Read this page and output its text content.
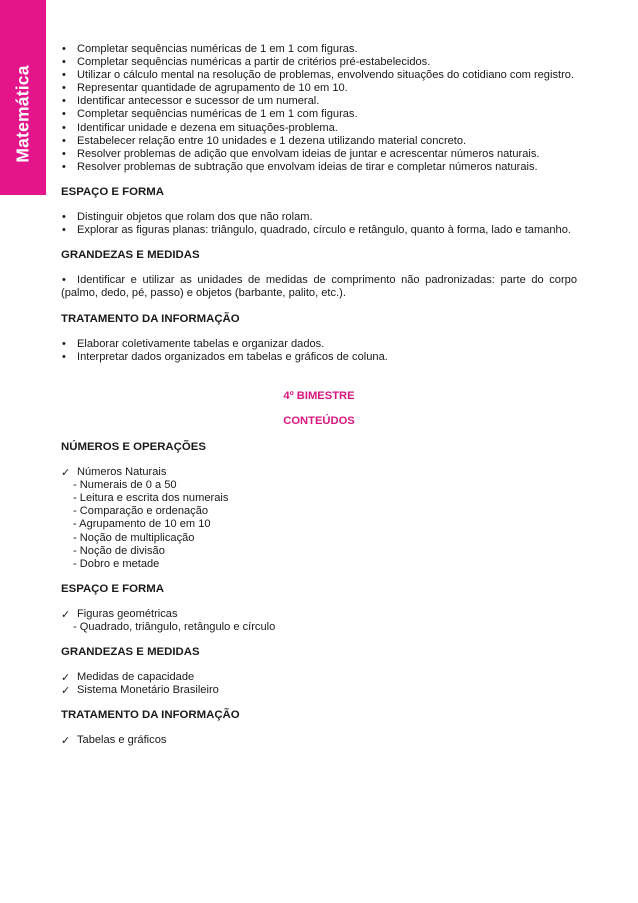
Matemática
• Completar sequências numéricas de 1 em 1 com figuras.
• Completar sequências numéricas a partir de critérios pré-estabelecidos.
• Utilizar o cálculo mental na resolução de problemas, envolvendo situações do cotidiano com registro.
• Representar quantidade de agrupamento de 10 em 10.
• Identificar antecessor e sucessor de um numeral.
• Completar sequências numéricas de 1 em 1 com figuras.
• Identificar unidade e dezena em situações-problema.
• Estabelecer relação entre 10 unidades e 1 dezena utilizando material concreto.
• Resolver problemas de adição que envolvam ideias de juntar e acrescentar números naturais.
• Resolver problemas de subtração que envolvam ideias de tirar e completar números naturais.
ESPAÇO E FORMA
• Distinguir objetos que rolam dos que não rolam.
• Explorar as figuras planas: triângulo, quadrado, círculo e retângulo, quanto à forma, lado e tamanho.
GRANDEZAS E MEDIDAS
• Identificar e utilizar as unidades de medidas de comprimento não padronizadas: parte do corpo (palmo, dedo, pé, passo) e objetos (barbante, palito, etc.).
TRATAMENTO DA INFORMAÇÃO
• Elaborar coletivamente tabelas e organizar dados.
• Interpretar dados organizados em tabelas e gráficos de coluna.
4º BIMESTRE
CONTEÚDOS
NÚMEROS E OPERAÇÕES
✓ Números Naturais
- Numerais de 0 a 50
- Leitura e escrita dos numerais
- Comparação e ordenação
- Agrupamento de 10 em 10
- Noção de multiplicação
- Noção de divisão
- Dobro e metade
ESPAÇO E FORMA
✓ Figuras geométricas
- Quadrado, triângulo, retângulo e círculo
GRANDEZAS E MEDIDAS
✓ Medidas de capacidade
✓ Sistema Monetário Brasileiro
TRATAMENTO DA INFORMAÇÃO
✓ Tabelas e gráficos
